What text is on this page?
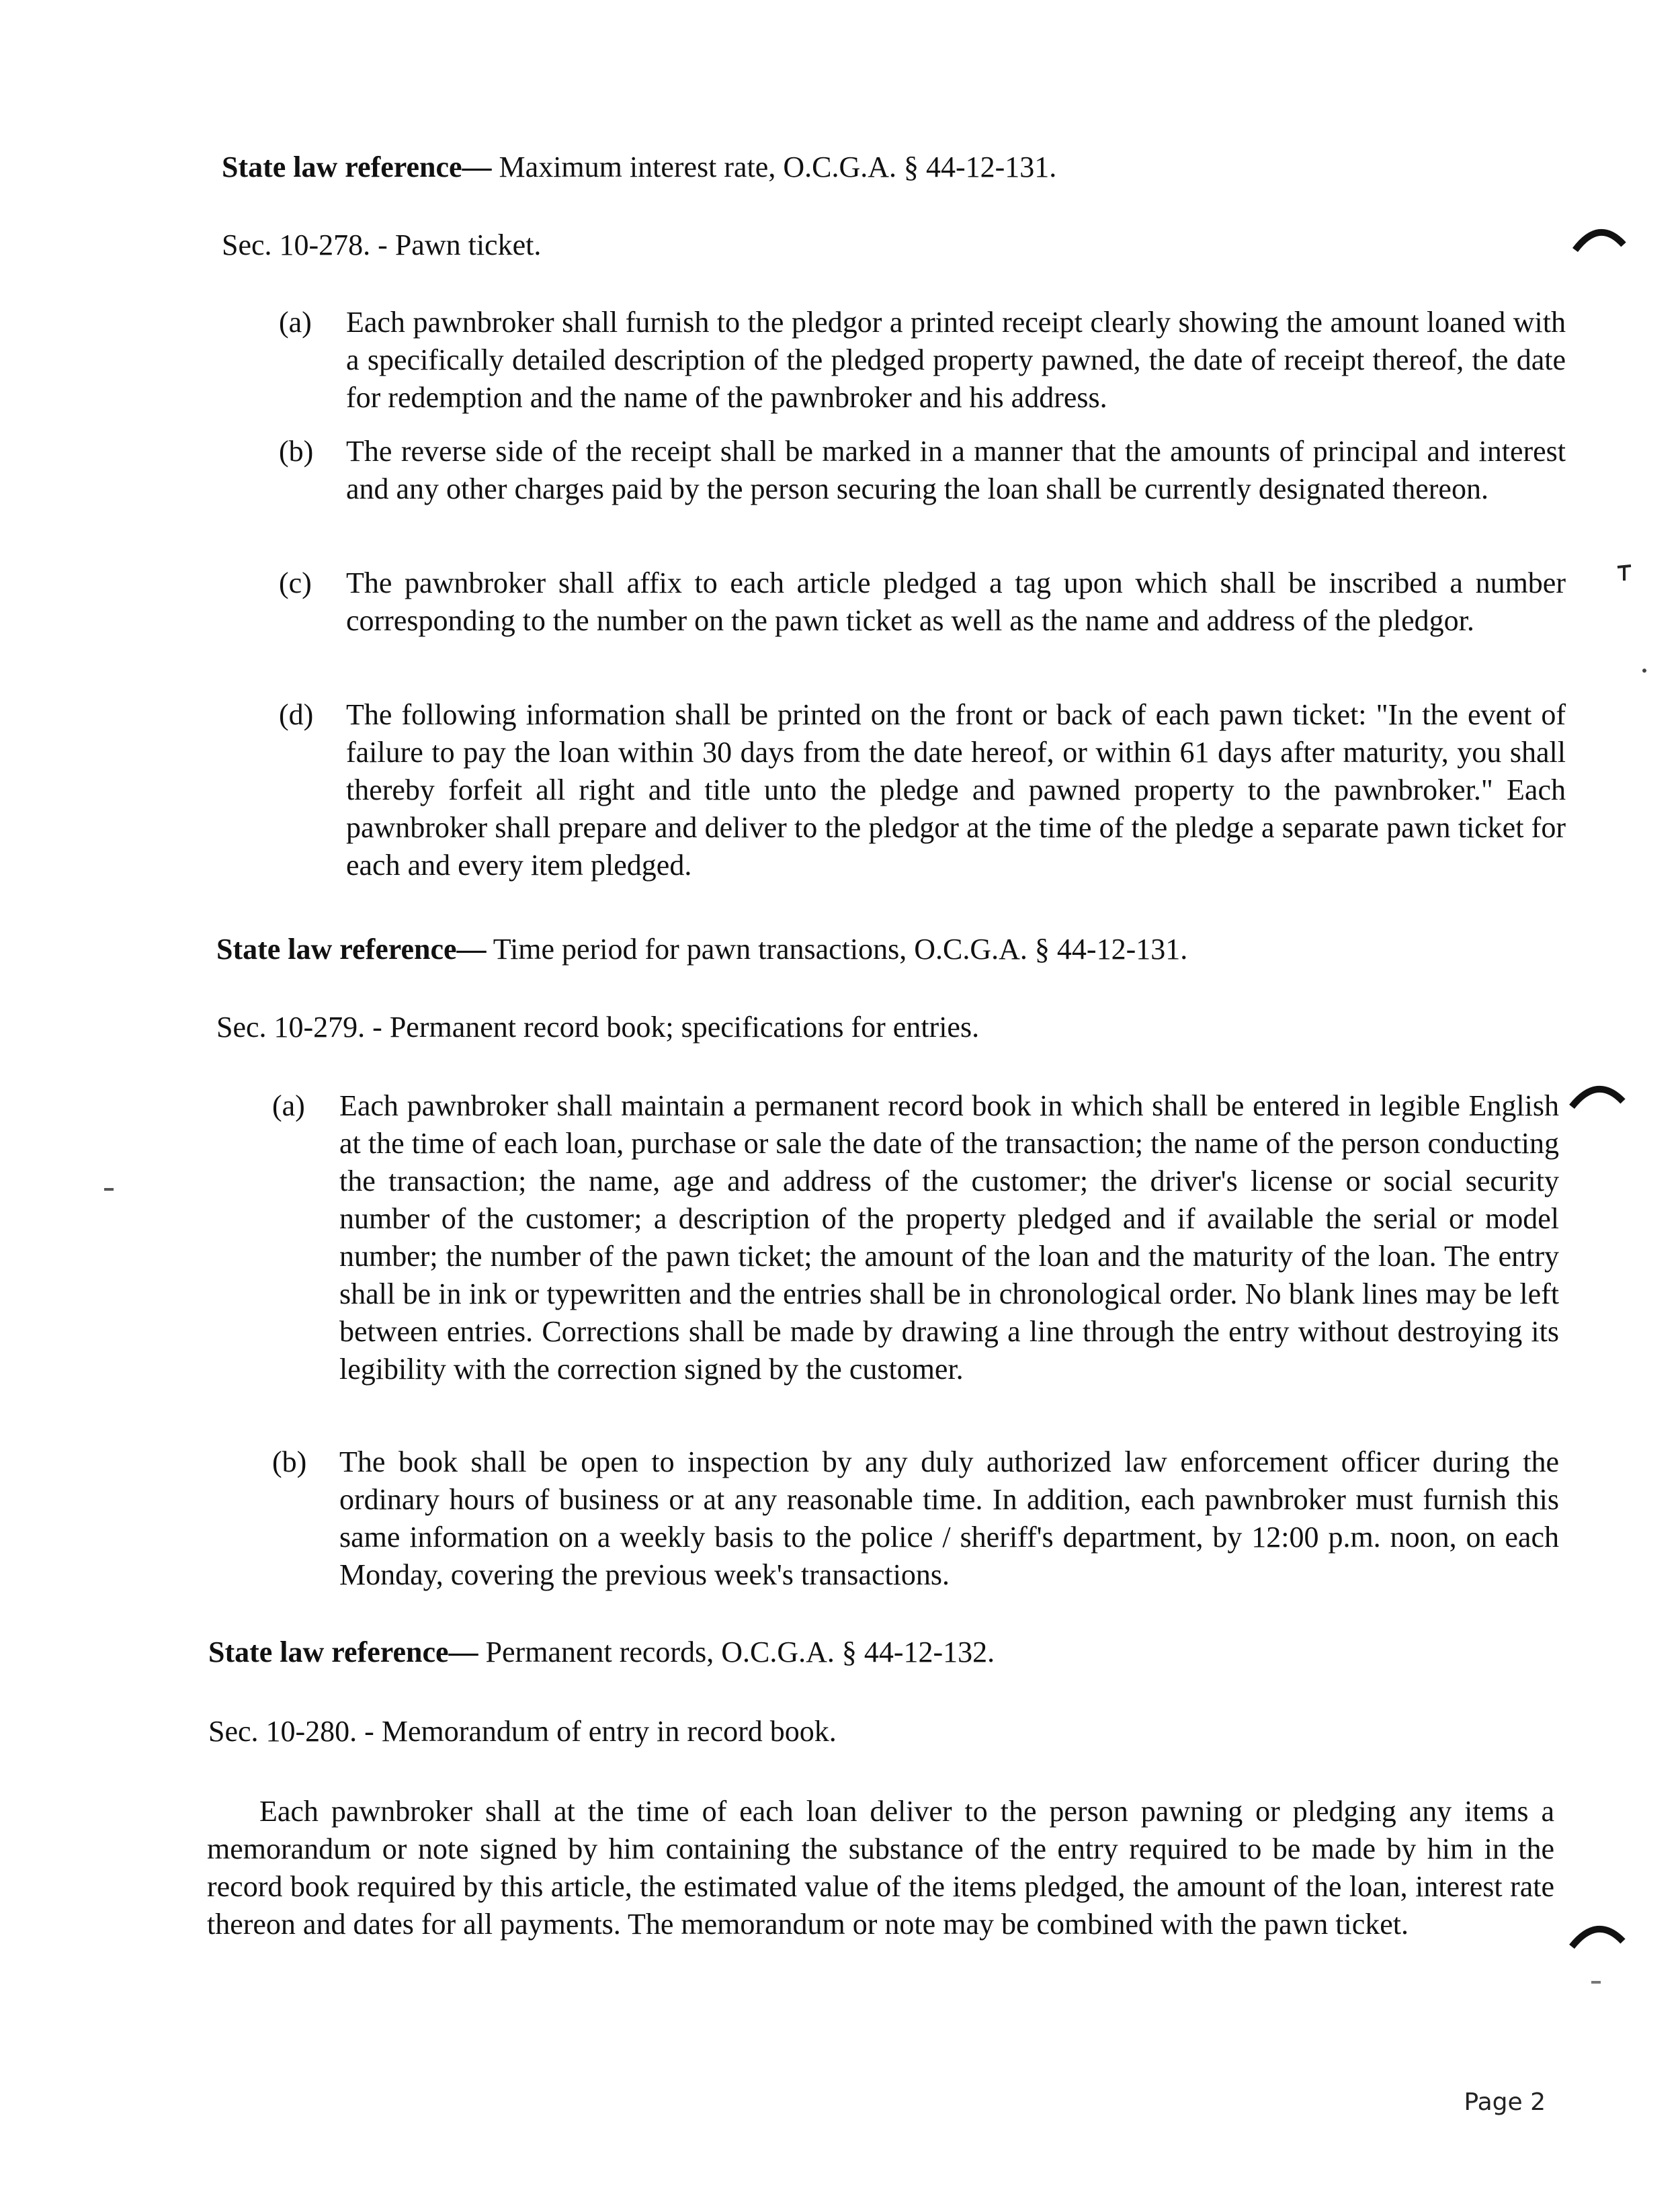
State law reference— Maximum interest rate, O.C.G.A. § 44-12-131.
Sec. 10-278. - Pawn ticket.
(a) Each pawnbroker shall furnish to the pledgor a printed receipt clearly showing the amount loaned with a specifically detailed description of the pledged property pawned, the date of receipt thereof, the date for redemption and the name of the pawnbroker and his address.
(b) The reverse side of the receipt shall be marked in a manner that the amounts of principal and interest and any other charges paid by the person securing the loan shall be currently designated thereon.
(c) The pawnbroker shall affix to each article pledged a tag upon which shall be inscribed a number corresponding to the number on the pawn ticket as well as the name and address of the pledgor.
(d) The following information shall be printed on the front or back of each pawn ticket: "In the event of failure to pay the loan within 30 days from the date hereof, or within 61 days after maturity, you shall thereby forfeit all right and title unto the pledge and pawned property to the pawnbroker." Each pawnbroker shall prepare and deliver to the pledgor at the time of the pledge a separate pawn ticket for each and every item pledged.
State law reference— Time period for pawn transactions, O.C.G.A. § 44-12-131.
Sec. 10-279. - Permanent record book; specifications for entries.
(a) Each pawnbroker shall maintain a permanent record book in which shall be entered in legible English at the time of each loan, purchase or sale the date of the transaction; the name of the person conducting the transaction; the name, age and address of the customer; the driver's license or social security number of the customer; a description of the property pledged and if available the serial or model number; the number of the pawn ticket; the amount of the loan and the maturity of the loan. The entry shall be in ink or typewritten and the entries shall be in chronological order. No blank lines may be left between entries. Corrections shall be made by drawing a line through the entry without destroying its legibility with the correction signed by the customer.
(b) The book shall be open to inspection by any duly authorized law enforcement officer during the ordinary hours of business or at any reasonable time. In addition, each pawnbroker must furnish this same information on a weekly basis to the police / sheriff's department, by 12:00 p.m. noon, on each Monday, covering the previous week's transactions.
State law reference— Permanent records, O.C.G.A. § 44-12-132.
Sec. 10-280. - Memorandum of entry in record book.
Each pawnbroker shall at the time of each loan deliver to the person pawning or pledging any items a memorandum or note signed by him containing the substance of the entry required to be made by him in the record book required by this article, the estimated value of the items pledged, the amount of the loan, interest rate thereon and dates for all payments. The memorandum or note may be combined with the pawn ticket.
Page 2
